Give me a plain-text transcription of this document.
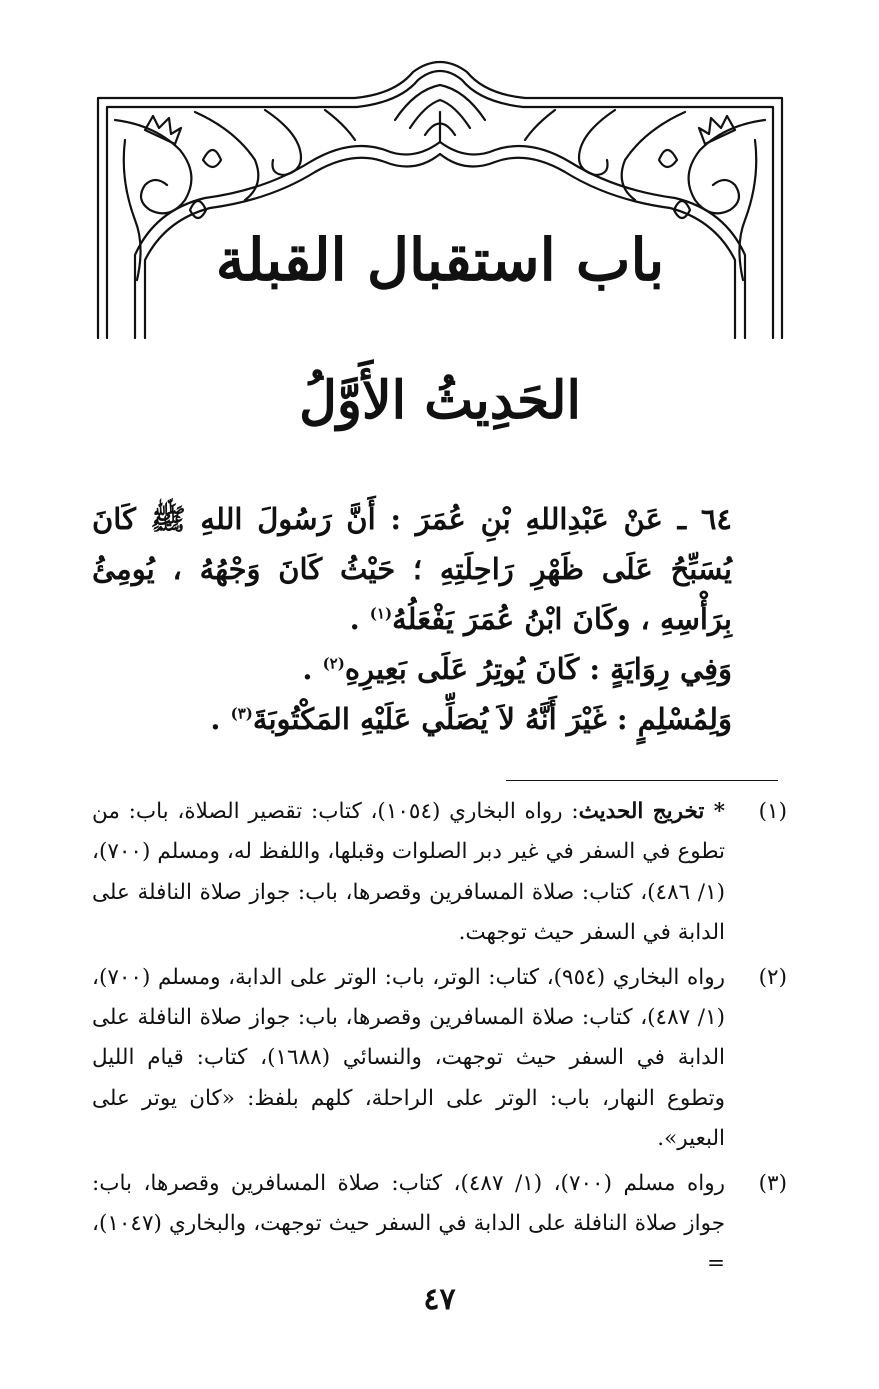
باب استقبال القبلة
الحَدِيثُ الأَوَّلُ

٦٤ ـ عَنْ عَبْدِاللهِ بْنِ عُمَرَ : أَنَّ رَسُولَ اللهِ ﷺ كَانَ يُسَبِّحُ عَلَى ظَهْرِ رَاحِلَتِهِ ؛ حَيْثُ كَانَ وَجْهُهُ ، يُومِئُ بِرَأْسِهِ ، وكَانَ ابْنُ عُمَرَ يَفْعَلُهُ$^{(١)}$ .

وَفِي رِوَايَةٍ : كَانَ يُوتِرُ عَلَى بَعِيرِهِ$^{(٢)}$ .

وَلِمُسْلِمٍ : غَيْرَ أَنَّهُ لاَ يُصَلِّي عَلَيْهِ المَكْتُوبَةَ$^{(٣)}$ .

(١)
* تخريج الحديث: رواه البخاري (١٠٥٤)، كتاب: تقصير الصلاة، باب: من تطوع في السفر في غير دبر الصلوات وقبلها، واللفظ له، ومسلم (٧٠٠)، (١/ ٤٨٦)، كتاب: صلاة المسافرين وقصرها، باب: جواز صلاة النافلة على الدابة في السفر حيث توجهت.
(٢)
رواه البخاري (٩٥٤)، كتاب: الوتر، باب: الوتر على الدابة، ومسلم (٧٠٠)، (١/ ٤٨٧)، كتاب: صلاة المسافرين وقصرها، باب: جواز صلاة النافلة على الدابة في السفر حيث توجهت، والنسائي (١٦٨٨)، كتاب: قيام الليل وتطوع النهار، باب: الوتر على الراحلة، كلهم بلفظ: «كان يوتر على البعير».
(٣)
رواه مسلم (٧٠٠)، (١/ ٤٨٧)، كتاب: صلاة المسافرين وقصرها، باب: جواز صلاة النافلة على الدابة في السفر حيث توجهت، والبخاري (١٠٤٧)، =
٤٧
